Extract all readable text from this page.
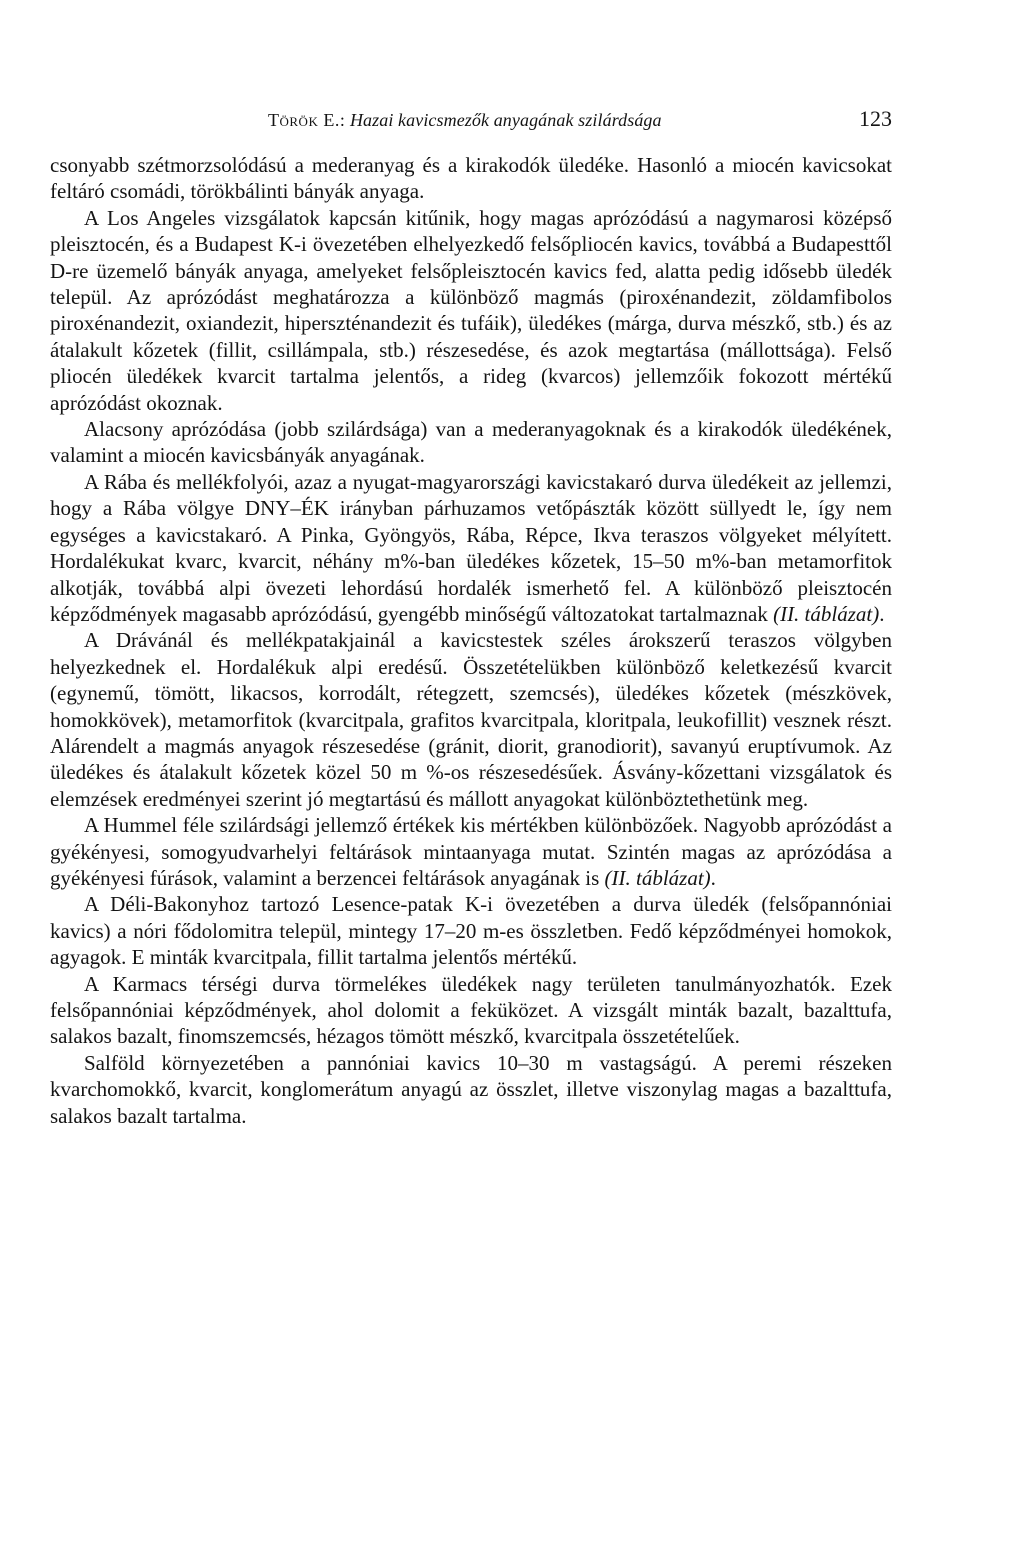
Török E.: Hazai kavicsmezők anyagának szilárdsága	123

csonyabb szétmorzsolódású a mederanyag és a kirakodók üledéke. Hasonló a miocén kavicsokat feltáró csomádi, törökbálinti bányák anyaga.

A Los Angeles vizsgálatok kapcsán kitűnik, hogy magas aprózódású a nagymarosi középső pleisztocén, és a Budapest K-i övezetében elhelyezkedő felsőpliocén kavics, továbbá a Budapesttől D-re üzemelő bányák anyaga, amelyeket felsőpleisztocén kavics fed, alatta pedig idősebb üledék települ. Az aprózódást meghatározza a különböző magmás (piroxénandezit, zöldamfibolos piroxénandezit, oxiandezit, hiperszténandezit és tufáik), üledékes (márga, durva mészkő, stb.) és az átalakult kőzetek (fillit, csillámpala, stb.) részesedése, és azok megtartása (mállottsága). Felső pliocén üledékek kvarcit tartalma jelentős, a rideg (kvarcos) jellemzőik fokozott mértékű aprózódást okoznak.

Alacsony aprózódása (jobb szilárdsága) van a mederanyagoknak és a kirakodók üledékének, valamint a miocén kavicsbányák anyagának.

A Rába és mellékfolyói, azaz a nyugat-magyarországi kavicstakaró durva üledékeit az jellemzi, hogy a Rába völgye DNY–ÉK irányban párhuzamos vetőpászták között süllyedt le, így nem egységes a kavicstakaró. A Pinka, Gyöngyös, Rába, Répce, Ikva teraszos völgyeket mélyített. Hordalékukat kvarc, kvarcit, néhány m%-ban üledékes kőzetek, 15–50 m%-ban metamorfitok alkotják, továbbá alpi övezeti lehordású hordalék ismerhető fel. A különböző pleisztocén képződmények magasabb aprózódású, gyengébb minőségű változatokat tartalmaznak (II. táblázat).

A Drávánál és mellékpatakjainál a kavicstestek széles árokszerű teraszos völgyben helyezkednek el. Hordalékuk alpi eredésű. Összetételükben különböző keletkezésű kvarcit (egynemű, tömött, likacsos, korrodált, rétegzett, szemcsés), üledékes kőzetek (mészkövek, homokkövek), metamorfitok (kvarcitpala, grafitos kvarcitpala, kloritpala, leukofillit) vesznek részt. Alárendelt a magmás anyagok részesedése (gránit, diorit, granodiorit), savanyú eruptívumok. Az üledékes és átalakult kőzetek közel 50 m %-os részesedésűek. Ásvány-kőzettani vizsgálatok és elemzések eredményei szerint jó megtartású és mállott anyagokat különböztethetünk meg.

A Hummel féle szilárdsági jellemző értékek kis mértékben különbözőek. Nagyobb aprózódást a gyékényesi, somogyudvarhelyi feltárások mintaanyaga mutat. Szintén magas az aprózódása a gyékényesi fúrások, valamint a berzencei feltárások anyagának is (II. táblázat).

A Déli-Bakonyhoz tartozó Lesence-patak K-i övezetében a durva üledék (felsőpannóniai kavics) a nóri fődolomitra települ, mintegy 17–20 m-es összletben. Fedő képződményei homokok, agyagok. E minták kvarcitpala, fillit tartalma jelentős mértékű.

A Karmacs térségi durva törmelékes üledékek nagy területen tanulmányozhatók. Ezek felsőpannóniai képződmények, ahol dolomit a feküközet. A vizsgált minták bazalt, bazalttufa, salakos bazalt, finomszemcsés, hézagos tömött mészkő, kvarcitpala összetételűek.

Salföld környezetében a pannóniai kavics 10–30 m vastagságú. A peremi részeken kvarchomokkő, kvarcit, konglomerátum anyagú az összlet, illetve viszonylag magas a bazalttufa, salakos bazalt tartalma.
